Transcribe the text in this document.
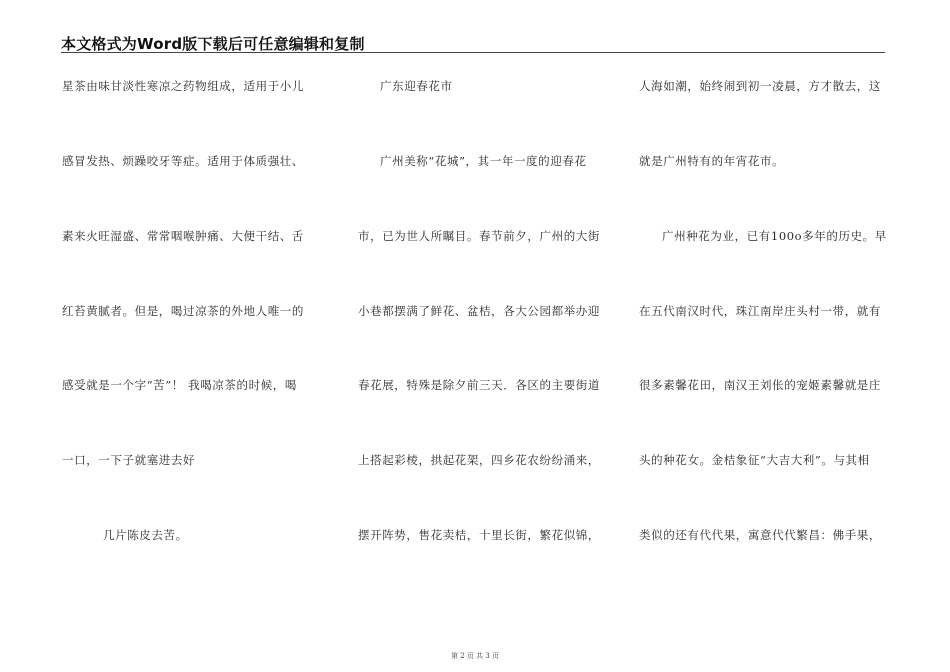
本文格式为Word版下载后可任意编辑和复制
星茶由味甘淡性寒凉之药物组成，适用于小儿
感冒发热、烦躁咬牙等症。适用于体质强壮、
素来火旺湿盛、常常咽喉肿痛、大便干结、舌
红苔黄腻者。但是，喝过凉茶的外地人唯一的
感受就是一个字“苦”！ 我喝凉茶的时候，喝
一口，一下子就塞进去好
几片陈皮去苦。
广东迎春花市
广州美称“花城”，其一年一度的迎春花
市，已为世人所瞩目。春节前夕，广州的大街
小巷都摆满了鲜花、盆桔，各大公园都举办迎
春花展，特殊是除夕前三天．各区的主要街道
上搭起彩棱，拱起花架，四乡花农纷纷涌来，
摆开阵势，售花卖桔，十里长街，繁花似锦，
人海如潮，始终闹到初一凌晨，方才散去，这
就是广州特有的年宵花市。
广州种花为业，已有100o多年的历史。早
在五代南汉时代，珠江南岸庄头村一带，就有
很多素馨花田，南汉王刘伥的宠姬素馨就是庄
头的种花女。金桔象征“大吉大利”。与其相
类似的还有代代果，寓意代代繁昌：佛手果，
第 2 页 共 3 页
